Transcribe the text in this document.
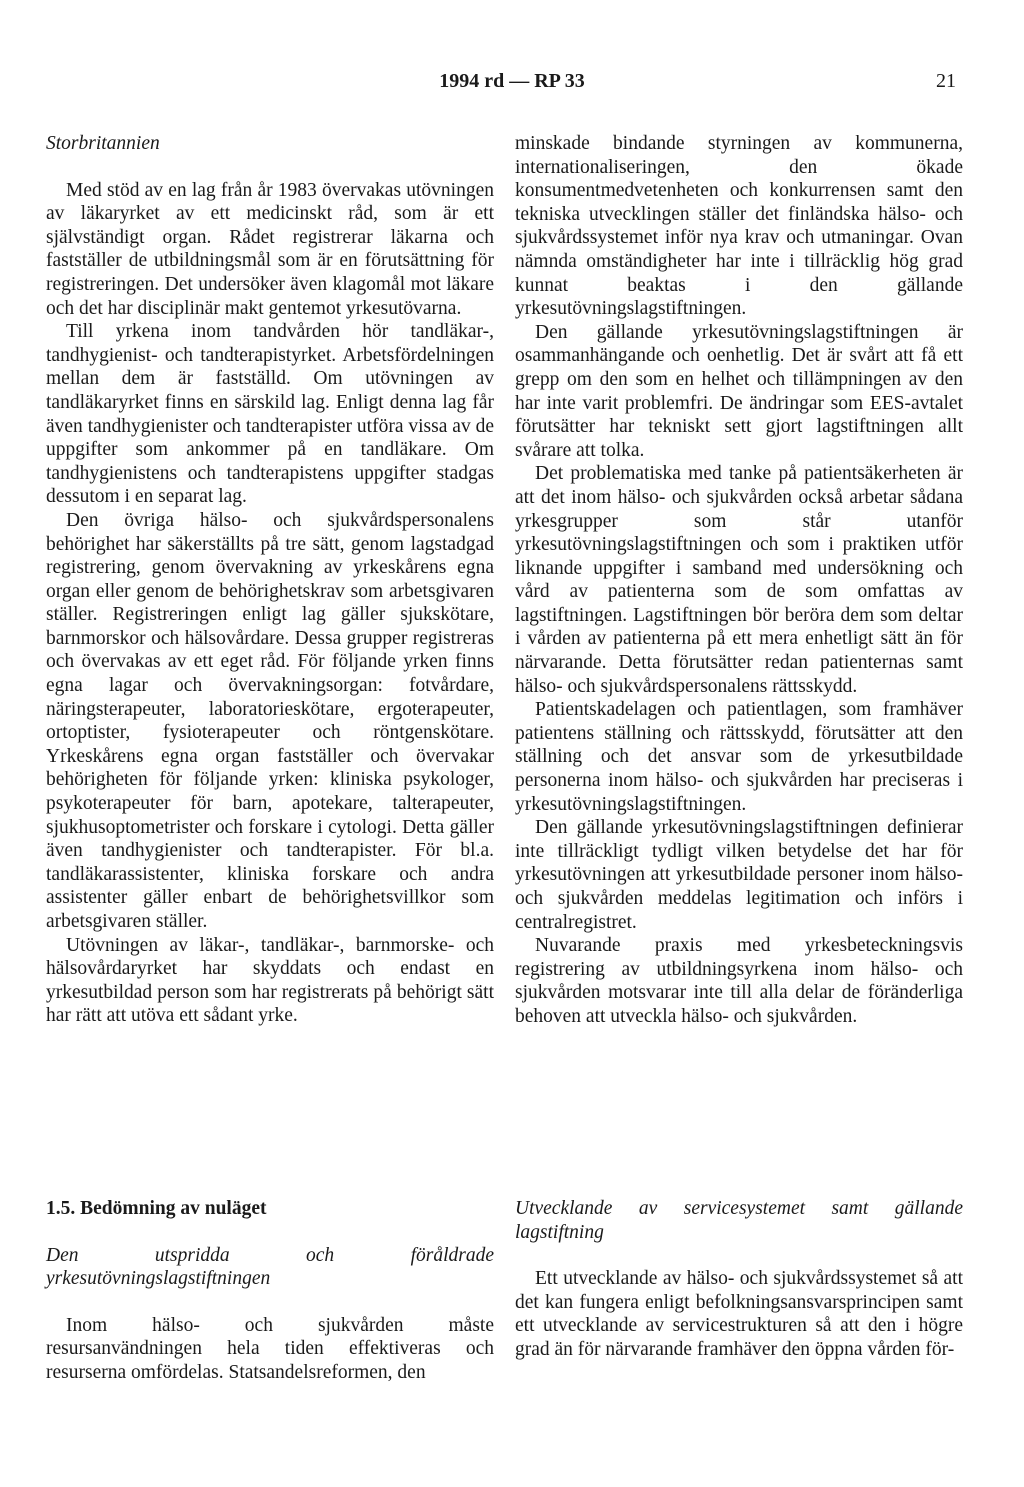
1994 rd — RP 33	21

Storbritannien

Med stöd av en lag från år 1983 övervakas utövningen av läkaryrket av ett medicinskt råd, som är ett självständigt organ. Rådet registrerar läkarna och fastställer de utbildningsmål som är en förutsättning för registreringen. Det undersöker även klagomål mot läkare och det har disciplinär makt gentemot yrkesutövarna.

Till yrkena inom tandvården hör tandläkar-, tandhygienist- och tandterapistyrket. Arbetsfördelningen mellan dem är fastställd. Om utövningen av tandläkaryrket finns en särskild lag. Enligt denna lag får även tandhygienister och tandterapister utföra vissa av de uppgifter som ankommer på en tandläkare. Om tandhygienistens och tandterapistens uppgifter stadgas dessutom i en separat lag.

Den övriga hälso- och sjukvårdspersonalens behörighet har säkerställts på tre sätt, genom lagstadgad registrering, genom övervakning av yrkeskårens egna organ eller genom de behörighetskrav som arbetsgivaren ställer. Registreringen enligt lag gäller sjukskötare, barnmorskor och hälsovårdare. Dessa grupper registreras och övervakas av ett eget råd. För följande yrken finns egna lagar och övervakningsorgan: fotvårdare, näringsterapeuter, laboratorieskötare, ergoterapeuter, ortoptister, fysioterapeuter och röntgenskötare. Yrkeskårens egna organ fastställer och övervakar behörigheten för följande yrken: kliniska psykologer, psykoterapeuter för barn, apotekare, talterapeuter, sjukhusoptometrister och forskare i cytologi. Detta gäller även tandhygienister och tandterapister. För bl.a. tandläkarassistenter, kliniska forskare och andra assistenter gäller enbart de behörighetsvillkor som arbetsgivaren ställer.

Utövningen av läkar-, tandläkar-, barnmorske- och hälsovårdaryrket har skyddats och endast en yrkesutbildad person som har registrerats på behörigt sätt har rätt att utöva ett sådant yrke.

minskade bindande styrningen av kommunerna, internationaliseringen, den ökade konsumentmedvetenheten och konkurrensen samt den tekniska utvecklingen ställer det finländska hälso- och sjukvårdssystemet inför nya krav och utmaningar. Ovan nämnda omständigheter har inte i tillräcklig hög grad kunnat beaktas i den gällande yrkesutövningslagstiftningen.

Den gällande yrkesutövningslagstiftningen är osammanhängande och oenhetlig. Det är svårt att få ett grepp om den som en helhet och tillämpningen av den har inte varit problemfri. De ändringar som EES-avtalet förutsätter har tekniskt sett gjort lagstiftningen allt svårare att tolka.

Det problematiska med tanke på patientsäkerheten är att det inom hälso- och sjukvården också arbetar sådana yrkesgrupper som står utanför yrkesutövningslagstiftningen och som i praktiken utför liknande uppgifter i samband med undersökning och vård av patienterna som de som omfattas av lagstiftningen. Lagstiftningen bör beröra dem som deltar i vården av patienterna på ett mera enhetligt sätt än för närvarande. Detta förutsätter redan patienternas samt hälso- och sjukvårdspersonalens rättsskydd.

Patientskadelagen och patientlagen, som framhäver patientens ställning och rättsskydd, förutsätter att den ställning och det ansvar som de yrkesutbildade personerna inom hälso- och sjukvården har preciseras i yrkesutövningslagstiftningen.

Den gällande yrkesutövningslagstiftningen definierar inte tillräckligt tydligt vilken betydelse det har för yrkesutövningen att yrkesutbildade personer inom hälso- och sjukvården meddelas legitimation och införs i centralregistret.

Nuvarande praxis med yrkesbeteckningsvis registrering av utbildningsyrkena inom hälso- och sjukvården motsvarar inte till alla delar de föränderliga behoven att utveckla hälso- och sjukvården.

1.5. Bedömning av nuläget

Den utspridda och föråldrade yrkesutövningslagstiftningen

Inom hälso- och sjukvården måste resursanvändningen hela tiden effektiveras och resurserna omfördelas. Statsandelsreformen, den

Utvecklande av servicesystemet samt gällande lagstiftning

Ett utvecklande av hälso- och sjukvårdssystemet så att det kan fungera enligt befolkningsansvarsprincipen samt ett utvecklande av servicestrukturen så att den i högre grad än för närvarande framhäver den öppna vården för-
